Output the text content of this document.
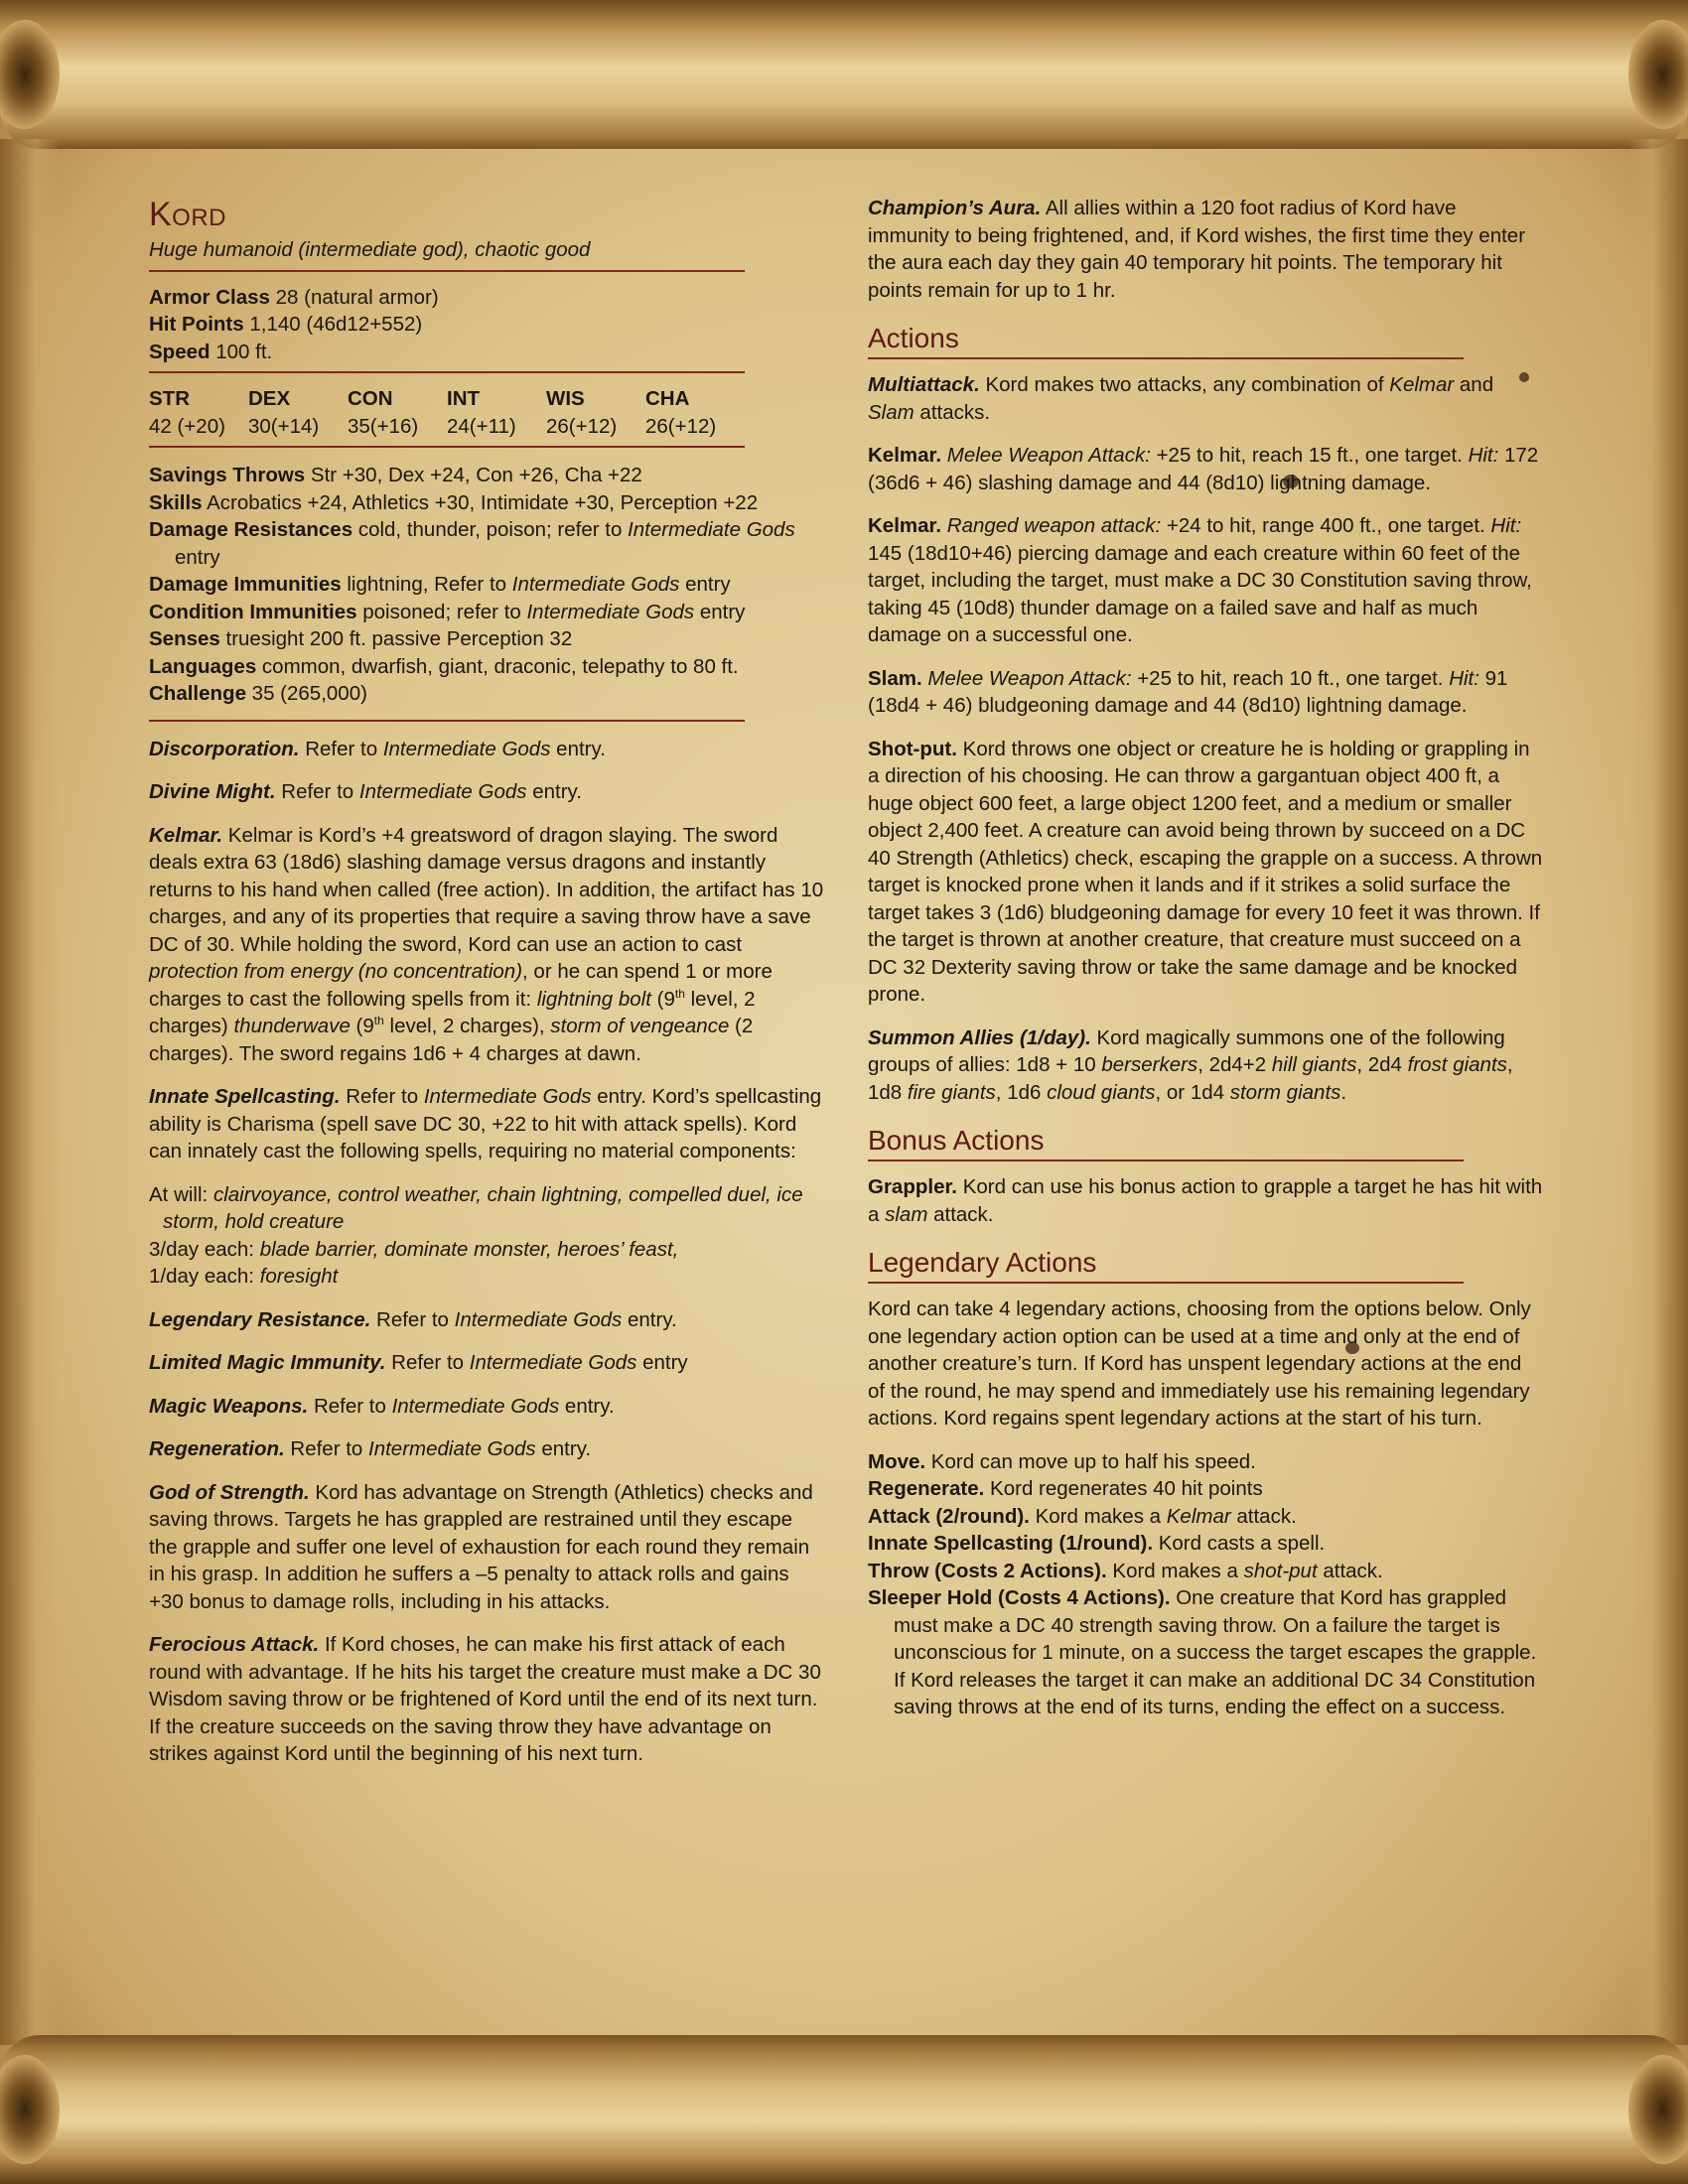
Kord
Huge humanoid (intermediate god), chaotic good

Armor Class 28 (natural armor)

Hit Points 1,140 (46d12+552)

Speed 100 ft.

STR	DEX	CON	INT	WIS	CHA
42 (+20)	30(+14)	35(+16)	24(+11)	26(+12)	26(+12)

Savings Throws Str +30, Dex +24, Con +26, Cha +22

Skills Acrobatics +24, Athletics +30, Intimidate +30, Perception +22

Damage Resistances cold, thunder, poison; refer to Intermediate Gods entry

Damage Immunities lightning, Refer to Intermediate Gods entry

Condition Immunities poisoned; refer to Intermediate Gods entry

Senses truesight 200 ft. passive Perception 32

Languages common, dwarfish, giant, draconic, telepathy to 80 ft.

Challenge 35 (265,000)

Discorporation. Refer to Intermediate Gods entry.

Divine Might. Refer to Intermediate Gods entry.

Kelmar. Kelmar is Kord’s +4 greatsword of dragon slaying. The sword deals extra 63 (18d6) slashing damage versus dragons and instantly returns to his hand when called (free action). In addition, the artifact has 10 charges, and any of its properties that require a saving throw have a save DC of 30. While holding the sword, Kord can use an action to cast protection from energy (no concentration), or he can spend 1 or more charges to cast the following spells from it: lightning bolt (9th level, 2 charges) thunderwave (9th level, 2 charges), storm of vengeance (2 charges). The sword regains 1d6 + 4 charges at dawn.

Innate Spellcasting. Refer to Intermediate Gods entry. Kord’s spellcasting ability is Charisma (spell save DC 30, +22 to hit with attack spells). Kord can innately cast the following spells, requiring no material components:

At will: clairvoyance, control weather, chain lightning, compelled duel, ice storm, hold creature
3/day each: blade barrier, dominate monster, heroes’ feast,
1/day each: foresight

Legendary Resistance. Refer to Intermediate Gods entry.

Limited Magic Immunity. Refer to Intermediate Gods entry

Magic Weapons. Refer to Intermediate Gods entry.

Regeneration. Refer to Intermediate Gods entry.

God of Strength. Kord has advantage on Strength (Athletics) checks and saving throws. Targets he has grappled are restrained until they escape the grapple and suffer one level of exhaustion for each round they remain in his grasp. In addition he suffers a –5 penalty to attack rolls and gains +30 bonus to damage rolls, including in his attacks.

Ferocious Attack. If Kord choses, he can make his first attack of each round with advantage. If he hits his target the creature must make a DC 30 Wisdom saving throw or be frightened of Kord until the end of its next turn. If the creature succeeds on the saving throw they have advantage on strikes against Kord until the beginning of his next turn.

Champion’s Aura. All allies within a 120 foot radius of Kord have immunity to being frightened, and, if Kord wishes, the first time they enter the aura each day they gain 40 temporary hit points. The temporary hit points remain for up to 1 hr.

Actions

Multiattack. Kord makes two attacks, any combination of Kelmar and Slam attacks.

Kelmar. Melee Weapon Attack: +25 to hit, reach 15 ft., one target. Hit: 172 (36d6 + 46) slashing damage and 44 (8d10) lightning damage.

Kelmar. Ranged weapon attack: +24 to hit, range 400 ft., one target. Hit: 145 (18d10+46) piercing damage and each creature within 60 feet of the target, including the target, must make a DC 30 Constitution saving throw, taking 45 (10d8) thunder damage on a failed save and half as much damage on a successful one.

Slam. Melee Weapon Attack: +25 to hit, reach 10 ft., one target. Hit: 91 (18d4 + 46) bludgeoning damage and 44 (8d10) lightning damage.

Shot-put. Kord throws one object or creature he is holding or grappling in a direction of his choosing. He can throw a gargantuan object 400 ft, a huge object 600 feet, a large object 1200 feet, and a medium or smaller object 2,400 feet. A creature can avoid being thrown by succeed on a DC 40 Strength (Athletics) check, escaping the grapple on a success. A thrown target is knocked prone when it lands and if it strikes a solid surface the target takes 3 (1d6) bludgeoning damage for every 10 feet it was thrown. If the target is thrown at another creature, that creature must succeed on a DC 32 Dexterity saving throw or take the same damage and be knocked prone.

Summon Allies (1/day). Kord magically summons one of the following groups of allies: 1d8 + 10 berserkers, 2d4+2 hill giants, 2d4 frost giants, 1d8 fire giants, 1d6 cloud giants, or 1d4 storm giants.

Bonus Actions

Grappler. Kord can use his bonus action to grapple a target he has hit with a slam attack.

Legendary Actions

Kord can take 4 legendary actions, choosing from the options below. Only one legendary action option can be used at a time and only at the end of another creature’s turn. If Kord has unspent legendary actions at the end of the round, he may spend and immediately use his remaining legendary actions. Kord regains spent legendary actions at the start of his turn.

Move. Kord can move up to half his speed.

Regenerate. Kord regenerates 40 hit points

Attack (2/round). Kord makes a Kelmar attack.

Innate Spellcasting (1/round). Kord casts a spell.

Throw (Costs 2 Actions). Kord makes a shot-put attack.

Sleeper Hold (Costs 4 Actions). One creature that Kord has grappled must make a DC 40 strength saving throw. On a failure the target is unconscious for 1 minute, on a success the target escapes the grapple. If Kord releases the target it can make an additional DC 34 Constitution saving throws at the end of its turns, ending the effect on a success.
